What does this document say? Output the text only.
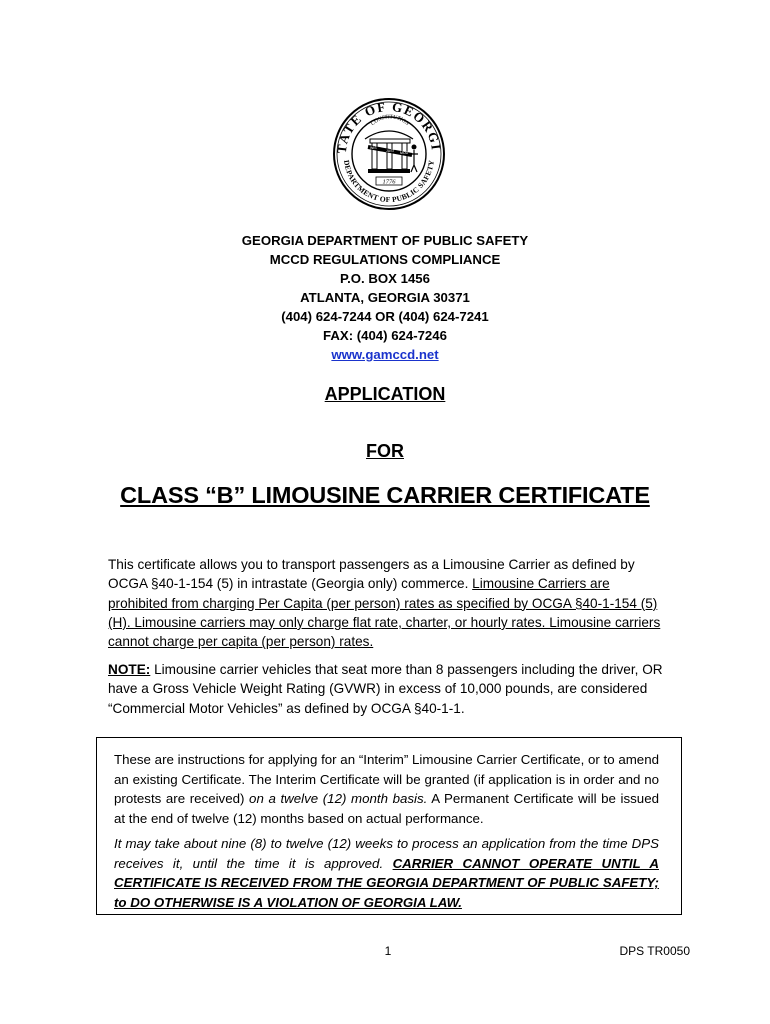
TATE OF GEORGI
DEPARTMENT OF PUBLIC SAFETY
CONSTITUTION
WIS
JUST MOD
1776
GEORGIA DEPARTMENT OF PUBLIC SAFETY
MCCD REGULATIONS COMPLIANCE
P.O. BOX 1456
ATLANTA, GEORGIA 30371
(404) 624-7244 OR (404) 624-7241
FAX: (404) 624-7246
www.gamccd.net
APPLICATION
FOR
CLASS “B” LIMOUSINE CARRIER CERTIFICATE
This certificate allows you to transport passengers as a Limousine Carrier as defined by OCGA §40-1-154 (5) in intrastate (Georgia only) commerce. Limousine Carriers are prohibited from charging Per Capita (per person) rates as specified by OCGA §40-1-154 (5) (H). Limousine carriers may only charge flat rate, charter, or hourly rates. Limousine carriers cannot charge per capita (per person) rates.
NOTE: Limousine carrier vehicles that seat more than 8 passengers including the driver, OR have a Gross Vehicle Weight Rating (GVWR) in excess of 10,000 pounds, are considered “Commercial Motor Vehicles” as defined by OCGA §40-1-1.
These are instructions for applying for an “Interim” Limousine Carrier Certificate, or to amend an existing Certificate. The Interim Certificate will be granted (if application is in order and no protests are received) on a twelve (12) month basis. A Permanent Certificate will be issued at the end of twelve (12) months based on actual performance.
It may take about nine (8) to twelve (12) weeks to process an application from the time DPS receives it, until the time it is approved. CARRIER CANNOT OPERATE UNTIL A CERTIFICATE IS RECEIVED FROM THE GEORGIA DEPARTMENT OF PUBLIC SAFETY; to DO OTHERWISE IS A VIOLATION OF GEORGIA LAW.
1	DPS TR0050
